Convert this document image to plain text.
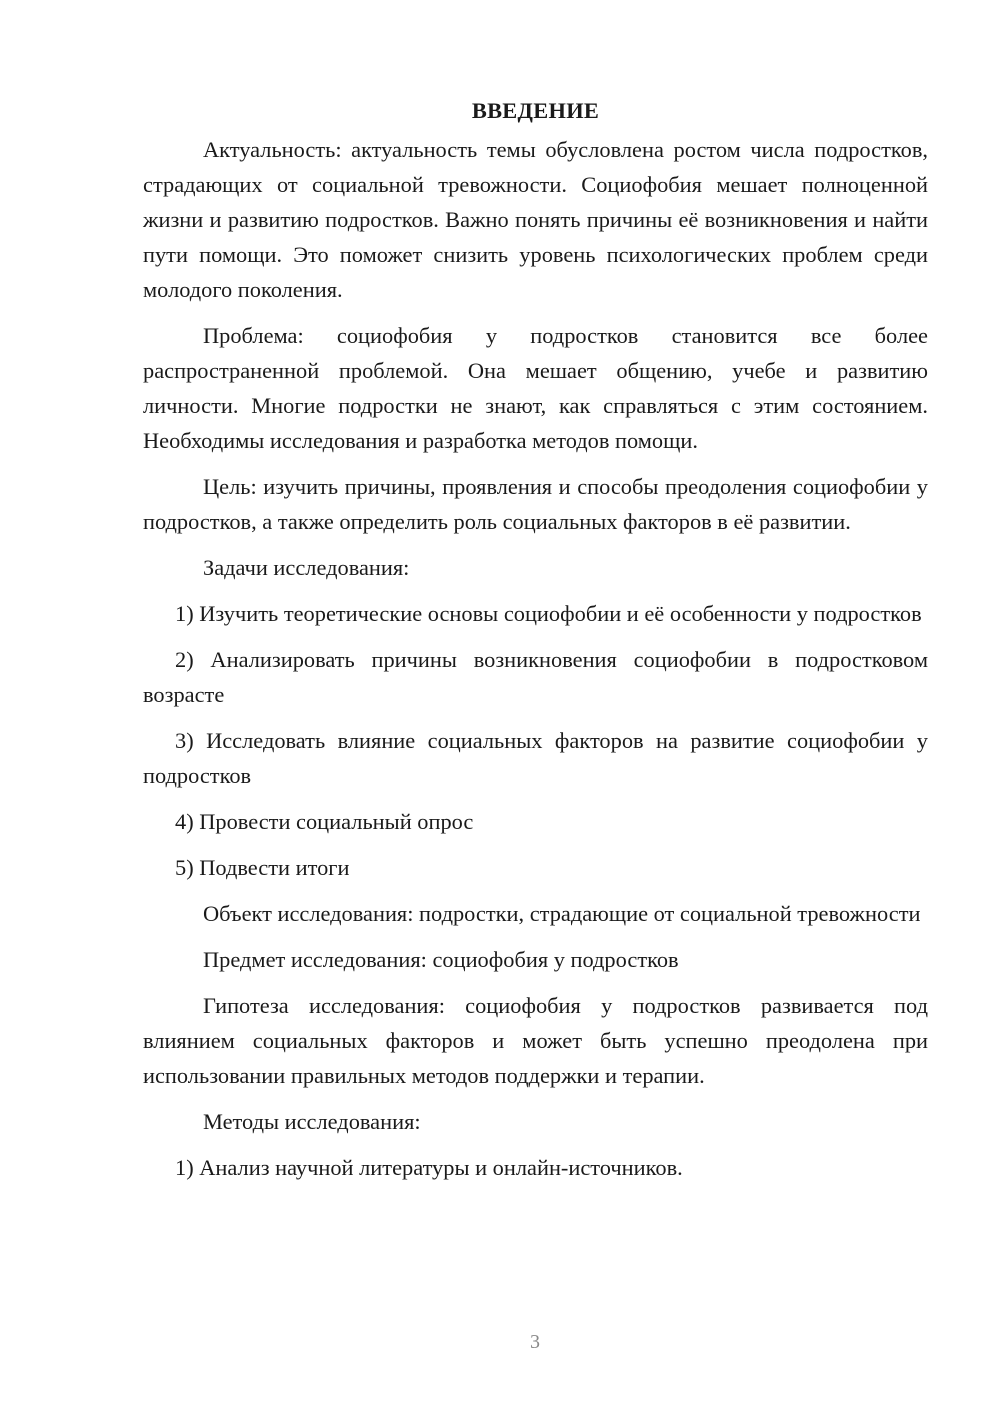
ВВЕДЕНИЕ

Актуальность: актуальность темы обусловлена ростом числа подростков, страдающих от социальной тревожности. Социофобия мешает полноценной жизни и развитию подростков. Важно понять причины её возникновения и найти пути помощи. Это поможет снизить уровень психологических проблем среди молодого поколения.

Проблема: социофобия у подростков становится все более распространенной проблемой. Она мешает общению, учебе и развитию личности. Многие подростки не знают, как справляться с этим состоянием. Необходимы исследования и разработка методов помощи.

Цель: изучить причины, проявления и способы преодоления социофобии у подростков, а также определить роль социальных факторов в её развитии.

Задачи исследования:

1) Изучить теоретические основы социофобии и её особенности у подростков

2) Анализировать причины возникновения социофобии в подростковом возрасте

3) Исследовать влияние социальных факторов на развитие социофобии у подростков

4) Провести социальный опрос

5) Подвести итоги

Объект исследования: подростки, страдающие от социальной тревожности

Предмет исследования: социофобия у подростков

Гипотеза исследования: социофобия у подростков развивается под влиянием социальных факторов и может быть успешно преодолена при использовании правильных методов поддержки и терапии.

Методы исследования:

1) Анализ научной литературы и онлайн-источников.

3
